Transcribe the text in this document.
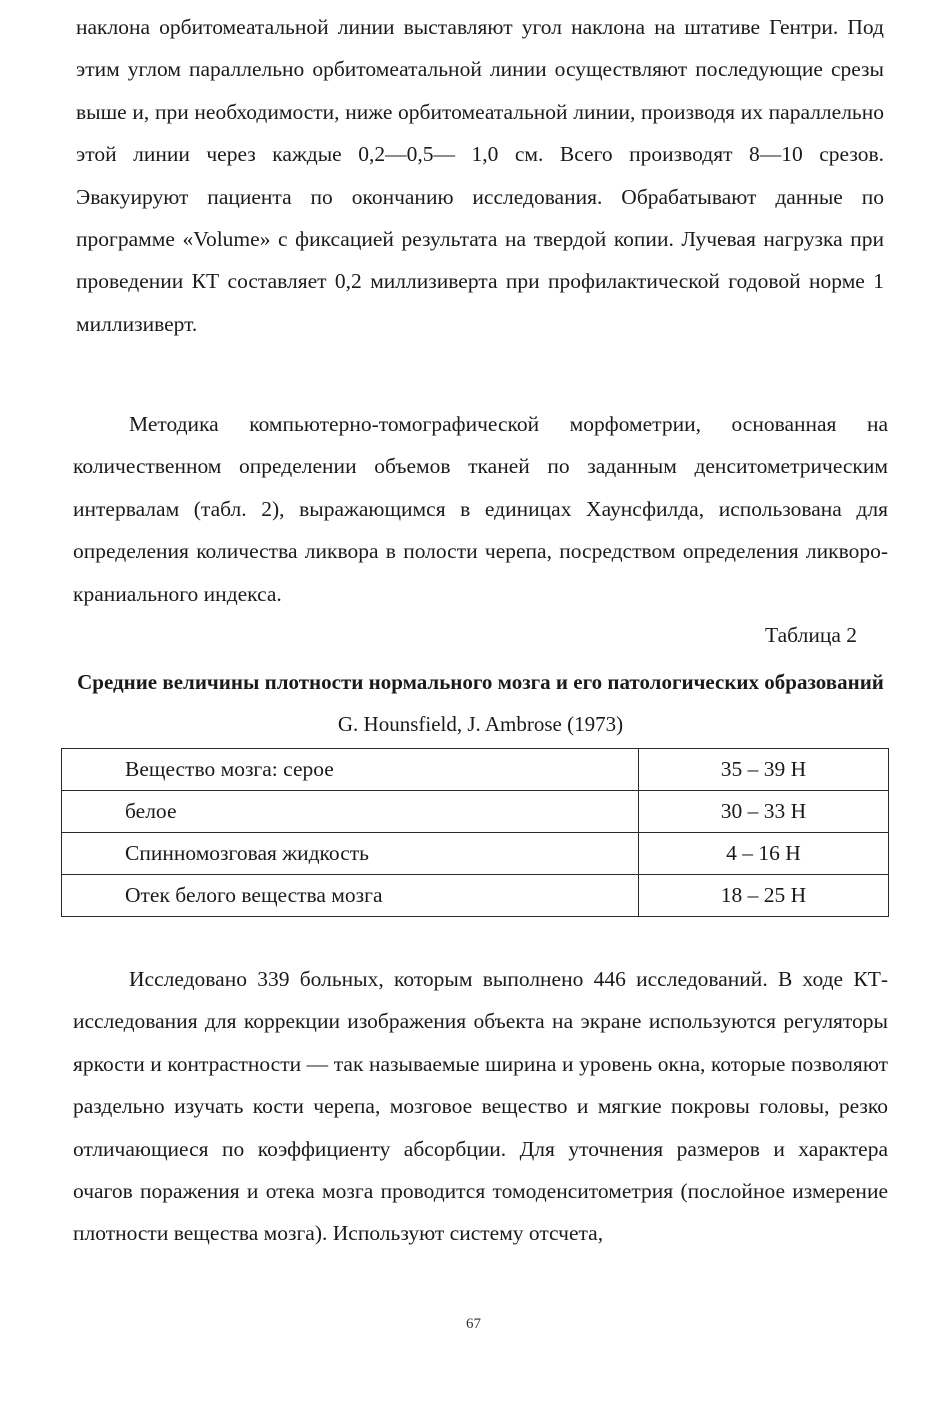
наклона орбитомеатальной линии выставляют угол наклона на штативе Гентри. Под этим углом параллельно орбитомеатальной линии осуществляют последующие срезы выше и, при необходимости, ниже орбитомеатальной линии, производя их параллельно этой линии через каждые 0,2—0,5— 1,0 см. Всего производят 8—10 срезов. Эвакуируют пациента по окончанию исследования. Обрабатывают данные по программе «Volume» с фиксацией результата на твердой копии. Лучевая нагрузка при проведении КТ составляет 0,2 миллизиверта при профилактической годовой норме 1 миллизиверт.

Методика компьютерно-томографической морфометрии, основанная на количественном определении объемов тканей по заданным денситометрическим интервалам (табл. 2), выражающимся в единицах Хаунсфилда, использована для определения количества ликвора в полости черепа, посредством определения ликворо-краниального индекса.

Таблица 2

Средние величины плотности нормального мозга и его патологических образований G. Hounsfield, J. Ambrose (1973)

Вещество мозга: серое	35 – 39 Н
белое	30 – 33 Н
Спинномозговая жидкость	4 – 16 Н
Отек белого вещества мозга	18 – 25 Н

Исследовано 339 больных, которым выполнено 446 исследований. В ходе КТ-исследования для коррекции изображения объекта на экране используются регуляторы яркости и контрастности — так называемые ширина и уровень окна, которые позволяют раздельно изучать кости черепа, мозговое вещество и мягкие покровы головы, резко отличающиеся по коэффициенту абсорбции. Для уточнения размеров и характера очагов поражения и отека мозга проводится томоденситометрия (послойное измерение плотности вещества мозга). Используют систему отсчета,

67
